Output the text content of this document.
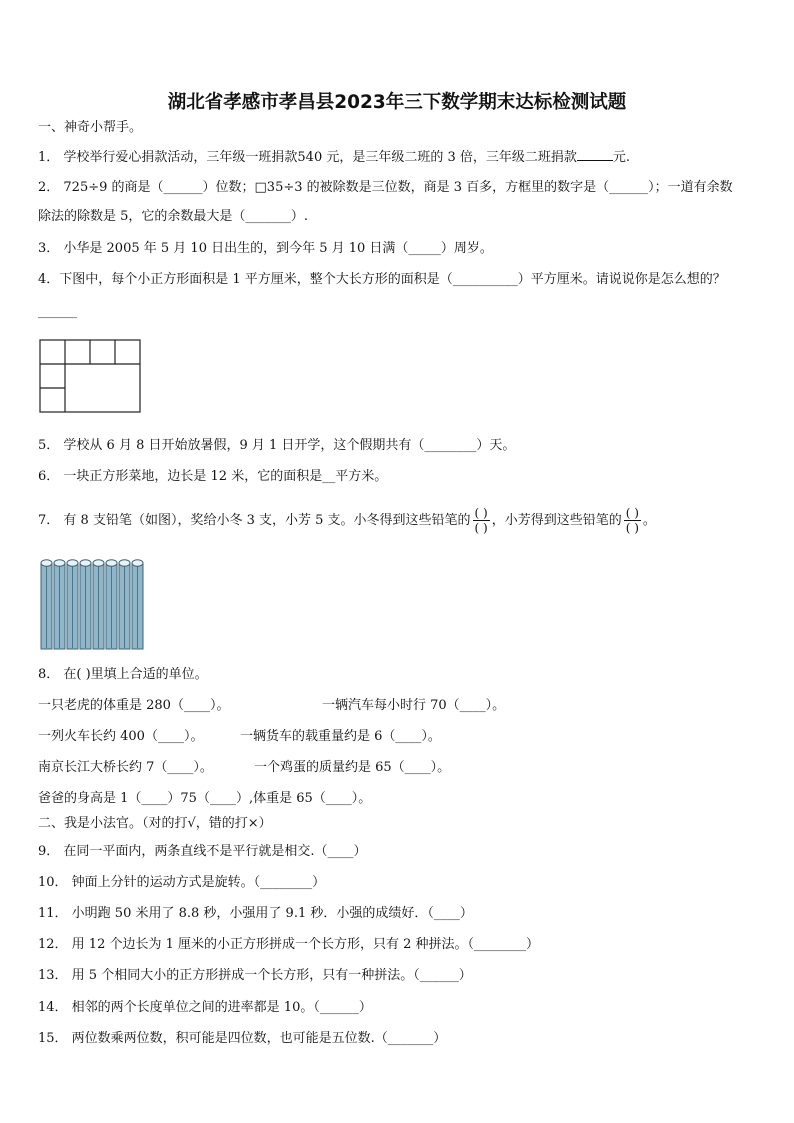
湖北省孝感市孝昌县2023年三下数学期末达标检测试题
一、神奇小帮手。
1． 学校举行爱心捐款活动，三年级一班捐款540 元，是三年级二班的 3 倍，三年级二班捐款	元.
2． 725÷9 的商是（______）位数；□35÷3 的被除数是三位数，商是 3 百多，方框里的数字是（______）；一道有余数
除法的除数是 5，它的余数最大是（_______）.
3． 小华是 2005 年 5 月 10 日出生的，到今年 5 月 10 日满（_____）周岁。
4．下图中，每个小正方形面积是 1 平方厘米，整个大长方形的面积是（__________）平方厘米。请说说你是怎么想的？
______
5． 学校从 6 月 8 日开始放暑假，9 月 1 日开学，这个假期共有（________）天。
6． 一块正方形菜地，边长是 12 米，它的面积是__平方米。
7． 有 8 支铅笔（如图），奖给小冬 3 支，小芳 5 支。小冬得到这些铅笔的 $\frac{( )}{( )}$ ，小芳得到这些铅笔的 $\frac{( )}{( )}$ 。
8． 在( )里填上合适的单位。
一只老虎的体重是 280（____）。	一辆汽车每小时行 70（____）。
一列火车长约 400（____）。	一辆货车的载重量约是 6（____）。
南京长江大桥长约 7（____）。	一个鸡蛋的质量约是 65（____）。
爸爸的身高是 1（____）75（____）,体重是 65（____）。
二、我是小法官。（对的打√，错的打×）
9． 在同一平面内，两条直线不是平行就是相交.（____）
10． 钟面上分针的运动方式是旋转。（________）
11． 小明跑 50 米用了 8.8 秒，小强用了 9.1 秒．小强的成绩好．（____）
12． 用 12 个边长为 1 厘米的小正方形拼成一个长方形，只有 2 种拼法。（________）
13． 用 5 个相同大小的正方形拼成一个长方形，只有一种拼法。（______）
14． 相邻的两个长度单位之间的进率都是 10。（______）
15． 两位数乘两位数，积可能是四位数，也可能是五位数.（_______）
